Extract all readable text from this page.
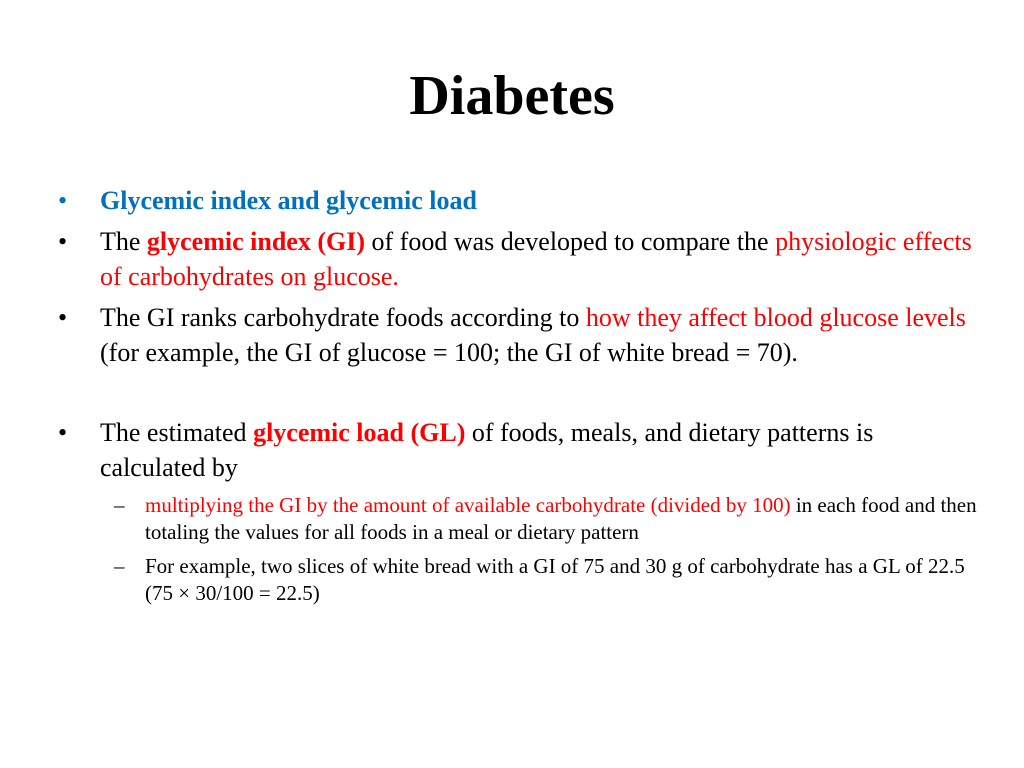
Diabetes

•	Glycemic index and glycemic load

•	The glycemic index (GI) of food was developed to compare the physiologic effects of carbohydrates on glucose.

•	The GI ranks carbohydrate foods according to how they affect blood glucose levels (for example, the GI of glucose = 100; the GI of white bread = 70).

•	The estimated glycemic load (GL) of foods, meals, and dietary patterns is calculated by

– multiplying the GI by the amount of available carbohydrate (divided by 100) in each food and then totaling the values for all foods in a meal or dietary pattern

– For example, two slices of white bread with a GI of 75 and 30 g of carbohydrate has a GL of 22.5 (75 × 30/100 = 22.5)
